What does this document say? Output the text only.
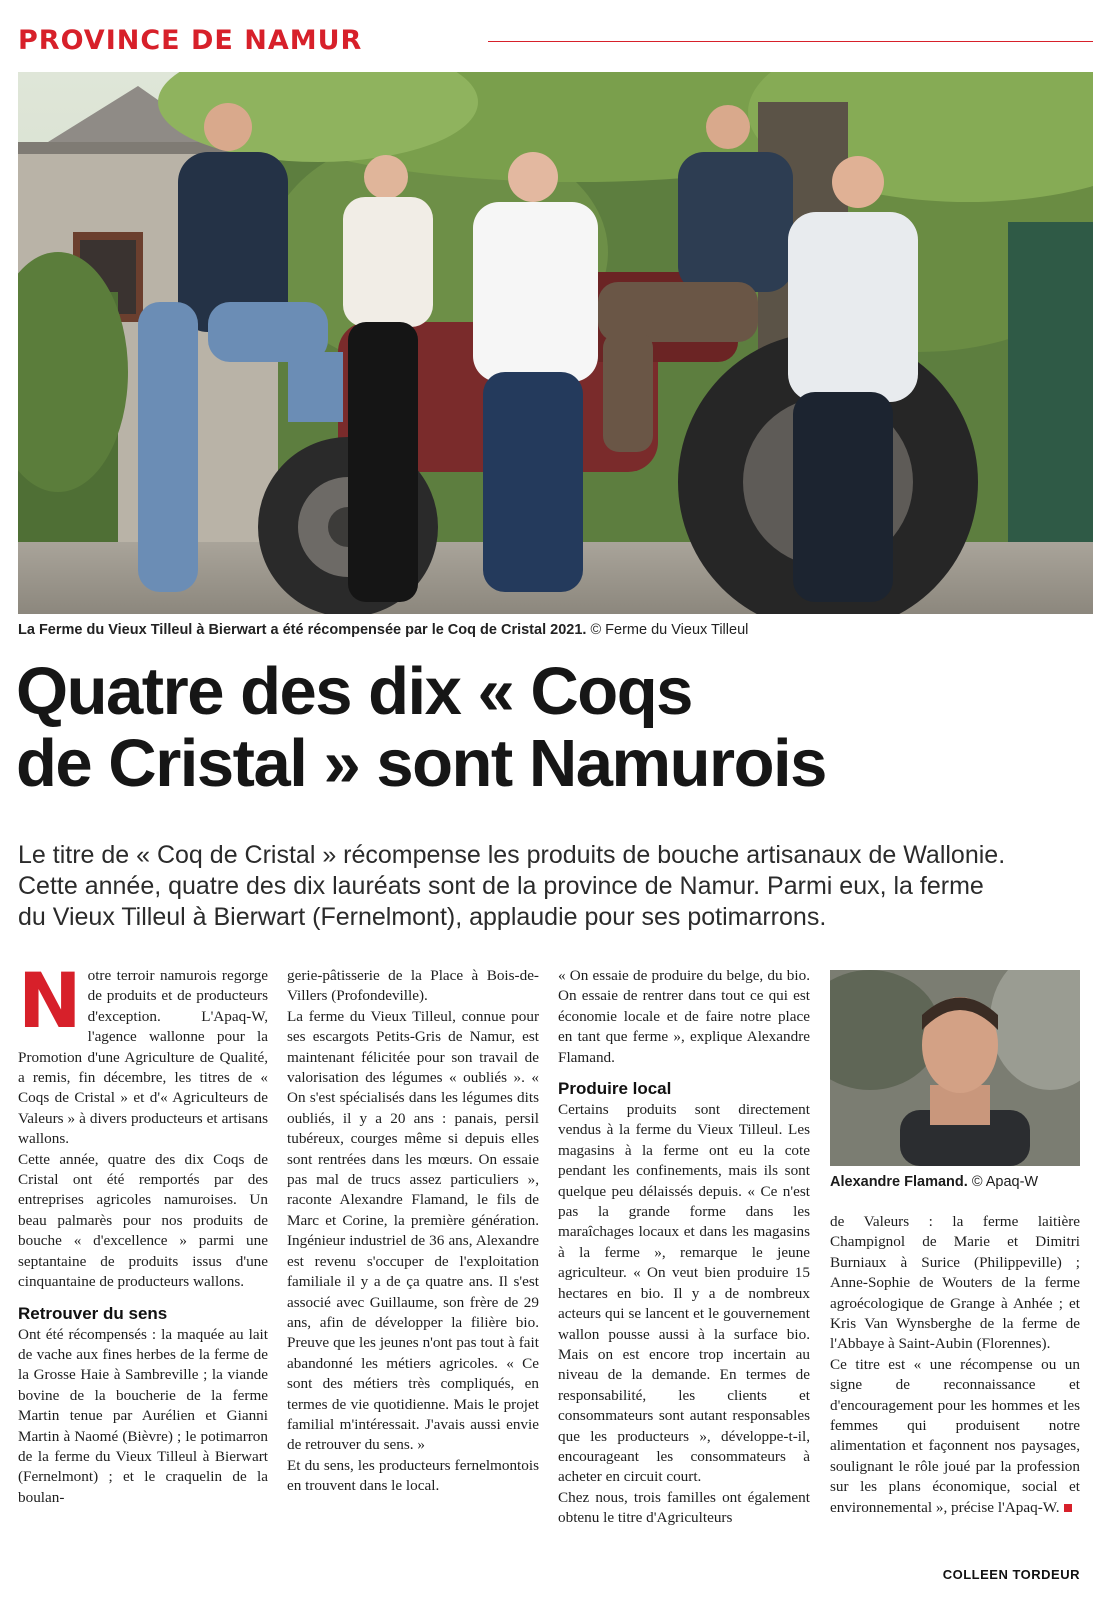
PROVINCE DE NAMUR
La Ferme du Vieux Tilleul à Bierwart a été récompensée par le Coq de Cristal 2021. © Ferme du Vieux Tilleul
Quatre des dix « Coqs
de Cristal » sont Namurois

Le titre de « Coq de Cristal » récompense les produits de bouche artisanaux de Wallonie.
Cette année, quatre des dix lauréats sont de la province de Namur. Parmi eux, la ferme
du Vieux Tilleul à Bierwart (Fernelmont), applaudie pour ses potimarrons.

N otre terroir namurois regorge de produits et de producteurs d'exception. L'Apaq-W, l'agence wallonne pour la Promotion d'une Agriculture de Qualité, a remis, fin décembre, les titres de « Coqs de Cristal » et d'« Agriculteurs de Valeurs » à divers producteurs et artisans wallons.

Cette année, quatre des dix Coqs de Cristal ont été remportés par des entreprises agricoles namuroises. Un beau palmarès pour nos produits de bouche « d'excellence » parmi une septantaine de produits issus d'une cinquantaine de producteurs wallons.

Retrouver du sens

Ont été récompensés : la maquée au lait de vache aux fines herbes de la ferme de la Grosse Haie à Sambreville ; la viande bovine de la boucherie de la ferme Martin tenue par Aurélien et Gianni Martin à Naomé (Bièvre) ; le potimarron de la ferme du Vieux Tilleul à Bierwart (Fernelmont) ; et le craquelin de la boulan-

gerie-pâtisserie de la Place à Bois-de-Villers (Profondeville).

La ferme du Vieux Tilleul, connue pour ses escargots Petits-Gris de Namur, est maintenant félicitée pour son travail de valorisation des légumes « oubliés ». « On s'est spécialisés dans les légumes dits oubliés, il y a 20 ans : panais, persil tubéreux, courges même si depuis elles sont rentrées dans les mœurs. On essaie pas mal de trucs assez particuliers », raconte Alexandre Flamand, le fils de Marc et Corine, la première génération. Ingénieur industriel de 36 ans, Alexandre est revenu s'occuper de l'exploitation familiale il y a de ça quatre ans. Il s'est associé avec Guillaume, son frère de 29 ans, afin de développer la filière bio. Preuve que les jeunes n'ont pas tout à fait abandonné les métiers agricoles. « Ce sont des métiers très compliqués, en termes de vie quotidienne. Mais le projet familial m'intéressait. J'avais aussi envie de retrouver du sens. »

Et du sens, les producteurs fernelmontois en trouvent dans le local.

« On essaie de produire du belge, du bio. On essaie de rentrer dans tout ce qui est économie locale et de faire notre place en tant que ferme », explique Alexandre Flamand.

Produire local

Certains produits sont directement vendus à la ferme du Vieux Tilleul. Les magasins à la ferme ont eu la cote pendant les confinements, mais ils sont quelque peu délaissés depuis. « Ce n'est pas la grande forme dans les maraîchages locaux et dans les magasins à la ferme », remarque le jeune agriculteur. « On veut bien produire 15 hectares en bio. Il y a de nombreux acteurs qui se lancent et le gouvernement wallon pousse aussi à la surface bio. Mais on est encore trop incertain au niveau de la demande. En termes de responsabilité, les clients et consommateurs sont autant responsables que les producteurs », développe-t-il, encourageant les consommateurs à acheter en circuit court.

Chez nous, trois familles ont également obtenu le titre d'Agriculteurs

Alexandre Flamand. © Apaq-W

de Valeurs : la ferme laitière Champignol de Marie et Dimitri Burniaux à Surice (Philippeville) ; Anne-Sophie de Wouters de la ferme agroécologique de Grange à Anhée ; et Kris Van Wynsberghe de la ferme de l'Abbaye à Saint-Aubin (Florennes).

Ce titre est « une récompense ou un signe de reconnaissance et d'encouragement pour les hommes et les femmes qui produisent notre alimentation et façonnent nos paysages, soulignant le rôle joué par la profession sur les plans économique, social et environnemental », précise l'Apaq-W.

COLLEEN TORDEUR
